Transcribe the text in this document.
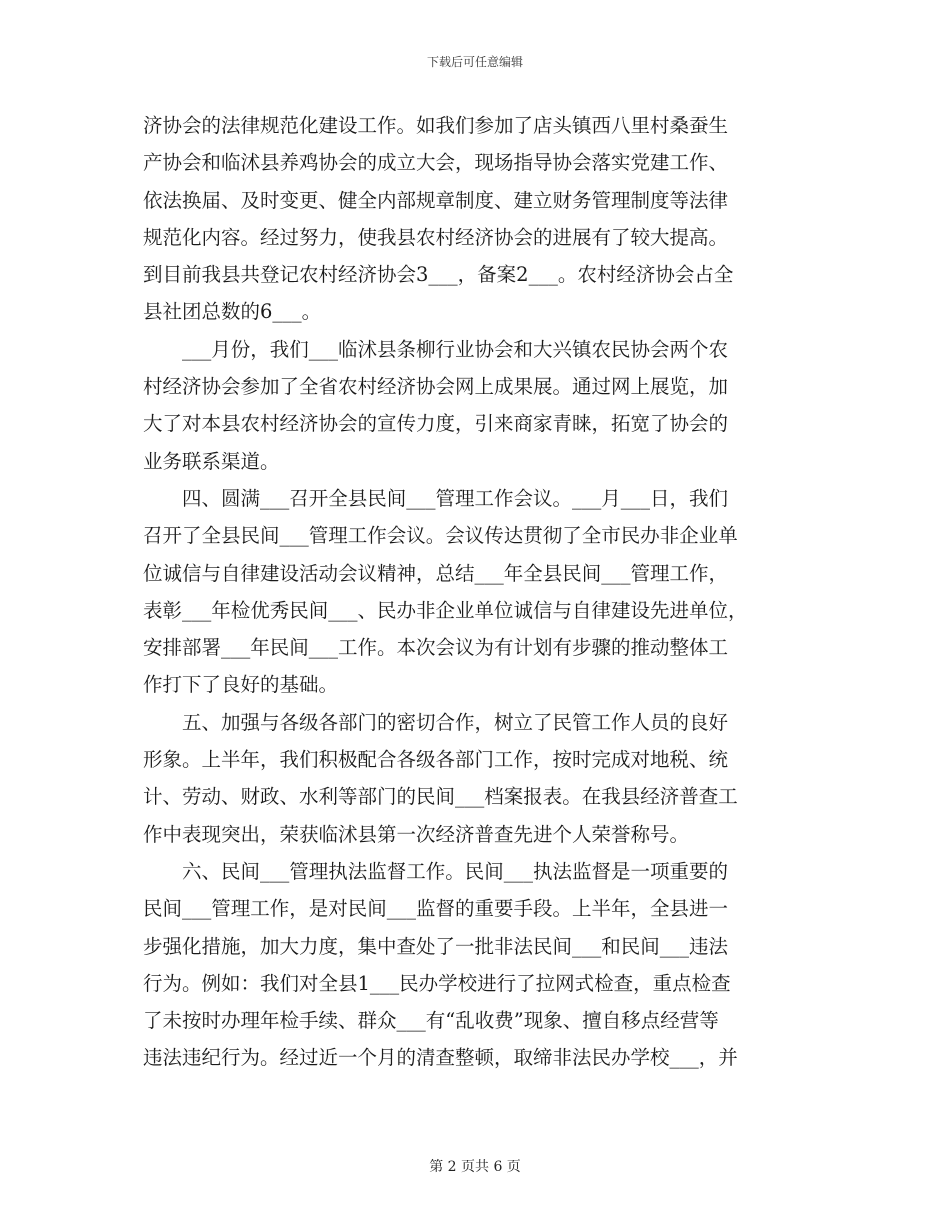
下载后可任意编辑
济协会的法律规范化建设工作。如我们参加了店头镇西八里村桑蚕生
产协会和临沭县养鸡协会的成立大会，现场指导协会落实党建工作、
依法换届、及时变更、健全内部规章制度、建立财务管理制度等法律
规范化内容。经过努力，使我县农村经济协会的进展有了较大提高。
到目前我县共登记农村经济协会3___，备案2___。农村经济协会占全
县社团总数的6___。
___月份，我们___临沭县条柳行业协会和大兴镇农民协会两个农
村经济协会参加了全省农村经济协会网上成果展。通过网上展览，加
大了对本县农村经济协会的宣传力度，引来商家青睐，拓宽了协会的
业务联系渠道。
四、圆满___召开全县民间___管理工作会议。___月___日，我们
召开了全县民间___管理工作会议。会议传达贯彻了全市民办非企业单
位诚信与自律建设活动会议精神，总结___年全县民间___管理工作，
表彰___年检优秀民间___、民办非企业单位诚信与自律建设先进单位，
安排部署___年民间___工作。本次会议为有计划有步骤的推动整体工
作打下了良好的基础。
五、加强与各级各部门的密切合作，树立了民管工作人员的良好
形象。上半年，我们积极配合各级各部门工作，按时完成对地税、统
计、劳动、财政、水利等部门的民间___档案报表。在我县经济普查工
作中表现突出，荣获临沭县第一次经济普查先进个人荣誉称号。
六、民间___管理执法监督工作。民间___执法监督是一项重要的
民间___管理工作，是对民间___监督的重要手段。上半年，全县进一
步强化措施，加大力度，集中查处了一批非法民间___和民间___违法
行为。例如：我们对全县1___民办学校进行了拉网式检查，重点检查
了未按时办理年检手续、群众___有“乱收费”现象、擅自移点经营等
违法违纪行为。经过近一个月的清查整顿，取缔非法民办学校___，并
第 2 页共 6 页
